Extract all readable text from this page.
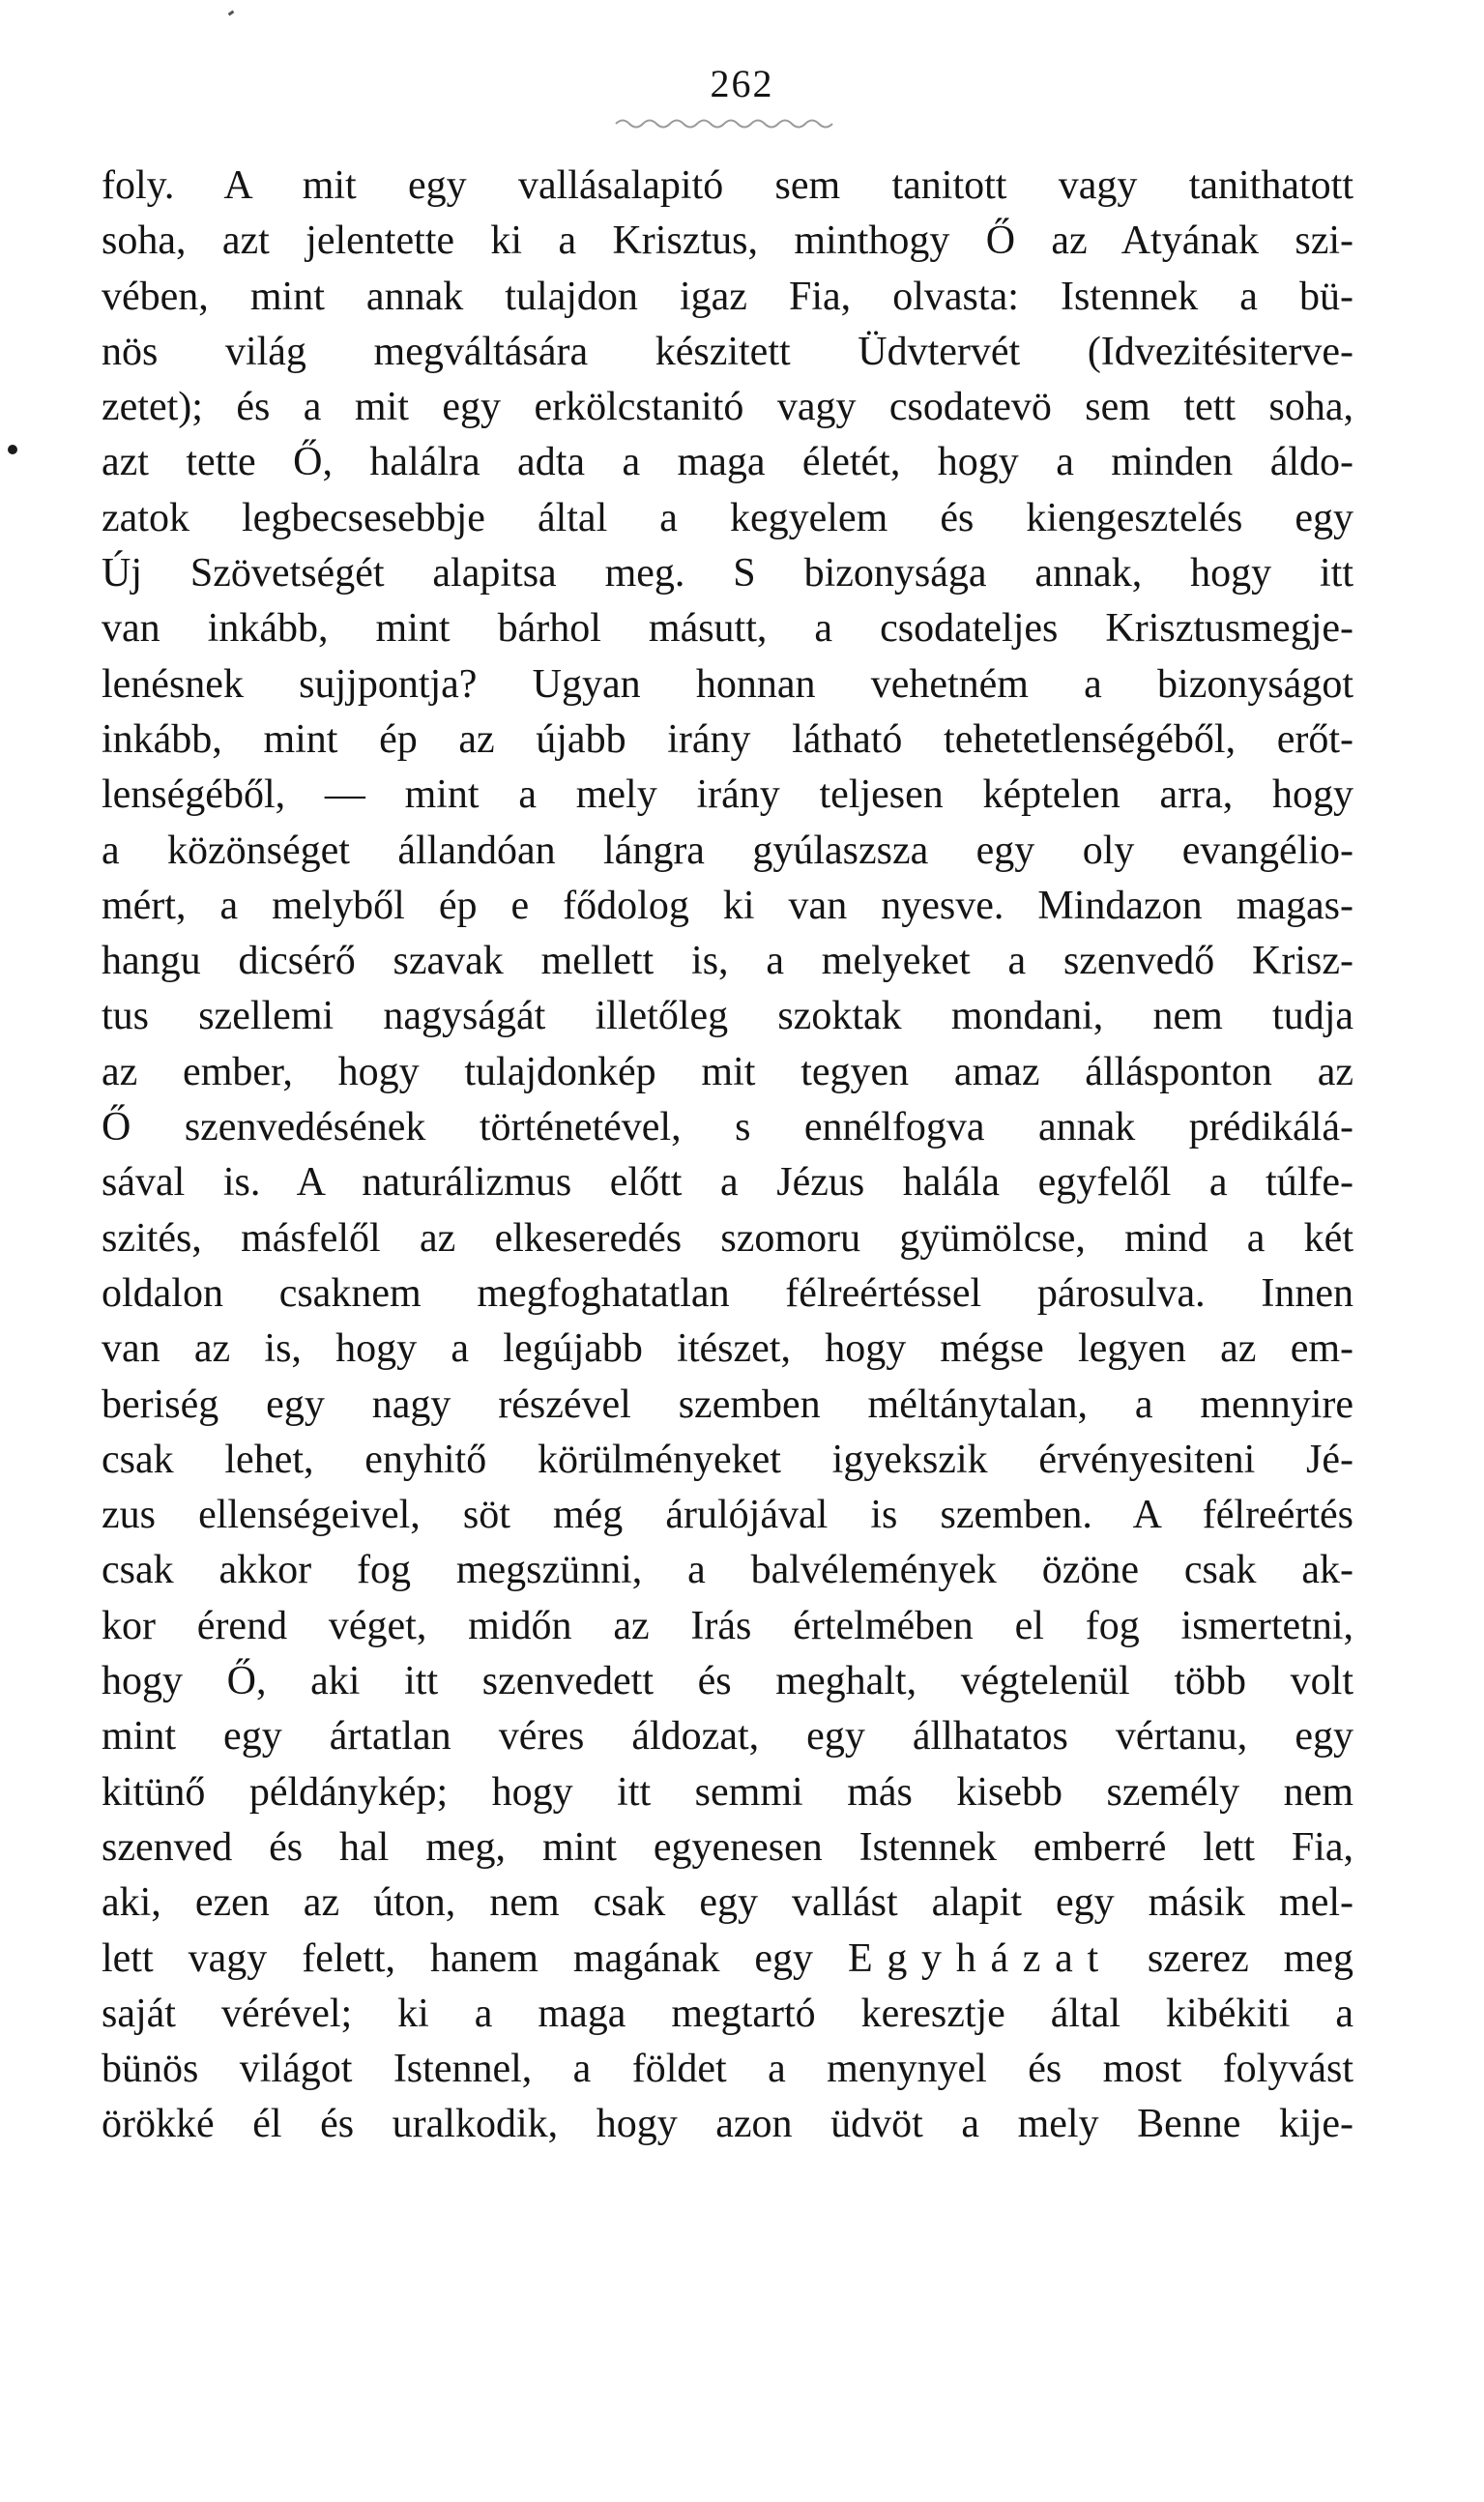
262
foly. A mit egy vallásalapitó sem tanitott vagy tanithatott
soha, azt jelentette ki a Krisztus, minthogy Ő az Atyának szi-
vében, mint annak tulajdon igaz Fia, olvasta: Istennek a bü-
nös világ megváltására készitett Üdvtervét (Idvezitésiterve-
zetet); és a mit egy erkölcstanitó vagy csodatevö sem tett soha,
azt tette Ő, halálra adta a maga életét, hogy a minden áldo-
zatok legbecsesebbje által a kegyelem és kiengesztelés egy
Új Szövetségét alapitsa meg. S bizonysága annak, hogy itt
van inkább, mint bárhol másutt, a csodateljes Krisztusmegje-
lenésnek sujjpontja? Ugyan honnan vehetném a bizonyságot
inkább, mint ép az újabb irány látható tehetetlenségéből, erőt-
lenségéből, — mint a mely irány teljesen képtelen arra, hogy
a közönséget állandóan lángra gyúlaszsza egy oly evangélio-
mért, a melyből ép e fődolog ki van nyesve. Mindazon magas-
hangu dicsérő szavak mellett is, a melyeket a szenvedő Krisz-
tus szellemi nagyságát illetőleg szoktak mondani, nem tudja
az ember, hogy tulajdonkép mit tegyen amaz állásponton az
Ő szenvedésének történetével, s ennélfogva annak prédikálá-
sával is. A naturálizmus előtt a Jézus halála egyfelől a túlfe-
szités, másfelől az elkeseredés szomoru gyümölcse, mind a két
oldalon csaknem megfoghatatlan félreértéssel párosulva. Innen
van az is, hogy a legújabb itészet, hogy mégse legyen az em-
beriség egy nagy részével szemben méltánytalan, a mennyire
csak lehet, enyhitő körülményeket igyekszik érvényesiteni Jé-
zus ellenségeivel, söt még árulójával is szemben. A félreértés
csak akkor fog megszünni, a balvélemények özöne csak ak-
kor érend véget, midőn az Irás értelmében el fog ismertetni,
hogy Ő, aki itt szenvedett és meghalt, végtelenül több volt
mint egy ártatlan véres áldozat, egy állhatatos vértanu, egy
kitünő példánykép; hogy itt semmi más kisebb személy nem
szenved és hal meg, mint egyenesen Istennek emberré lett Fia,
aki, ezen az úton, nem csak egy vallást alapit egy másik mel-
lett vagy felett, hanem magának egy Egyházat szerez meg
saját vérével; ki a maga megtartó keresztje által kibékiti a
bünös világot Istennel, a földet a menynyel és most folyvást
örökké él és uralkodik, hogy azon üdvöt a mely Benne kije-
